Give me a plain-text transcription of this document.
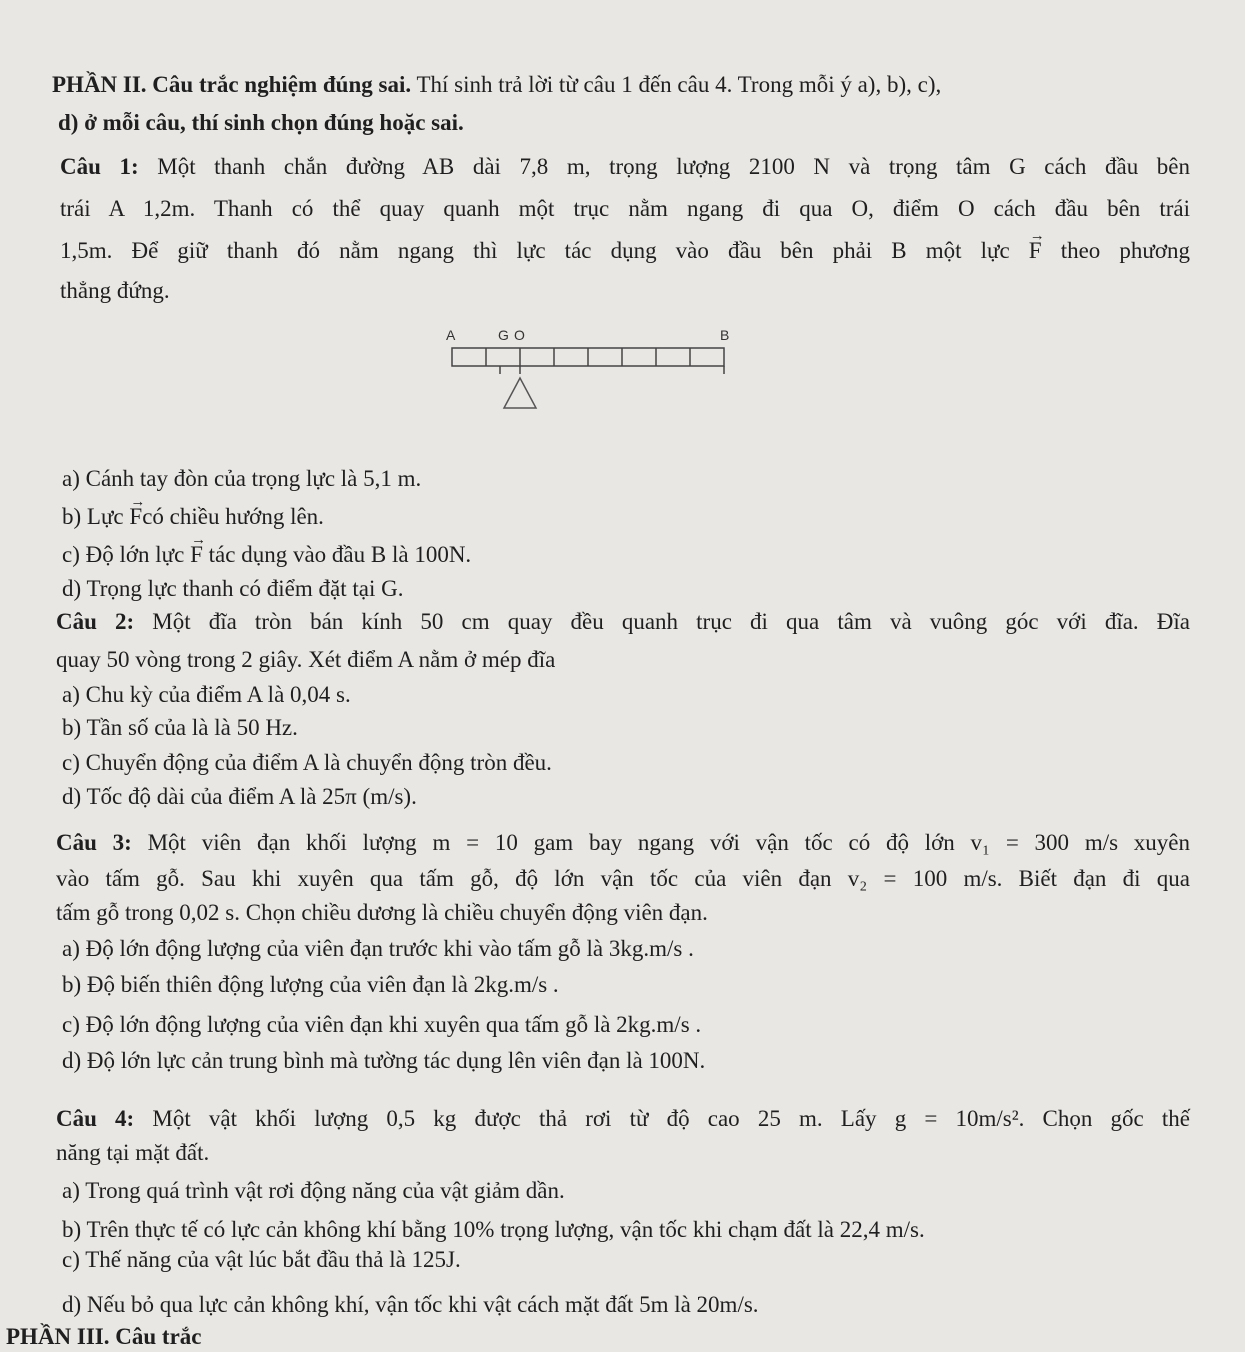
PHẦN II. Câu trắc nghiệm đúng sai. Thí sinh trả lời từ câu 1 đến câu 4. Trong mỗi ý a), b), c),
d) ở mỗi câu, thí sinh chọn đúng hoặc sai.
Câu 1: Một thanh chắn đường AB dài 7,8 m, trọng lượng 2100 N và trọng tâm G cách đầu bên
trái A 1,2m. Thanh có thể quay quanh một trục nằm ngang đi qua O, điểm O cách đầu bên trái
1,5m. Để giữ thanh đó nằm ngang thì lực tác dụng vào đầu bên phải B một lực → F theo phương
thẳng đứng.
A	G O	B
a) Cánh tay đòn của trọng lực là 5,1 m.
b) Lực → Fcó chiều hướng lên.
c) Độ lớn lực → F tác dụng vào đầu B là 100N.
d) Trọng lực thanh có điểm đặt tại G.
Câu 2: Một đĩa tròn bán kính 50 cm quay đều quanh trục đi qua tâm và vuông góc với đĩa. Đĩa
quay 50 vòng trong 2 giây. Xét điểm A nằm ở mép đĩa
a) Chu kỳ của điểm A là 0,04 s.
b) Tần số của là là 50 Hz.
c) Chuyển động của điểm A là chuyển động tròn đều.
d) Tốc độ dài của điểm A là 25π (m/s).
Câu 3: Một viên đạn khối lượng m = 10 gam bay ngang với vận tốc có độ lớn v₁ = 300 m/s xuyên
vào tấm gỗ. Sau khi xuyên qua tấm gỗ, độ lớn vận tốc của viên đạn v₂ = 100 m/s. Biết đạn đi qua
tấm gỗ trong 0,02 s. Chọn chiều dương là chiều chuyển động viên đạn.
a) Độ lớn động lượng của viên đạn trước khi vào tấm gỗ là 3kg.m/s .
b) Độ biến thiên động lượng của viên đạn là 2kg.m/s .
c) Độ lớn động lượng của viên đạn khi xuyên qua tấm gỗ là 2kg.m/s .
d) Độ lớn lực cản trung bình mà tường tác dụng lên viên đạn là 100N.
Câu 4: Một vật khối lượng 0,5 kg được thả rơi từ độ cao 25 m. Lấy g = 10m/s². Chọn gốc thế
năng tại mặt đất.
a) Trong quá trình vật rơi động năng của vật giảm dần.
b) Trên thực tế có lực cản không khí bằng 10% trọng lượng, vận tốc khi chạm đất là 22,4 m/s.
c) Thế năng của vật lúc bắt đầu thả là 125J.
d) Nếu bỏ qua lực cản không khí, vận tốc khi vật cách mặt đất 5m là 20m/s.
PHẦN III. Câu trắc
